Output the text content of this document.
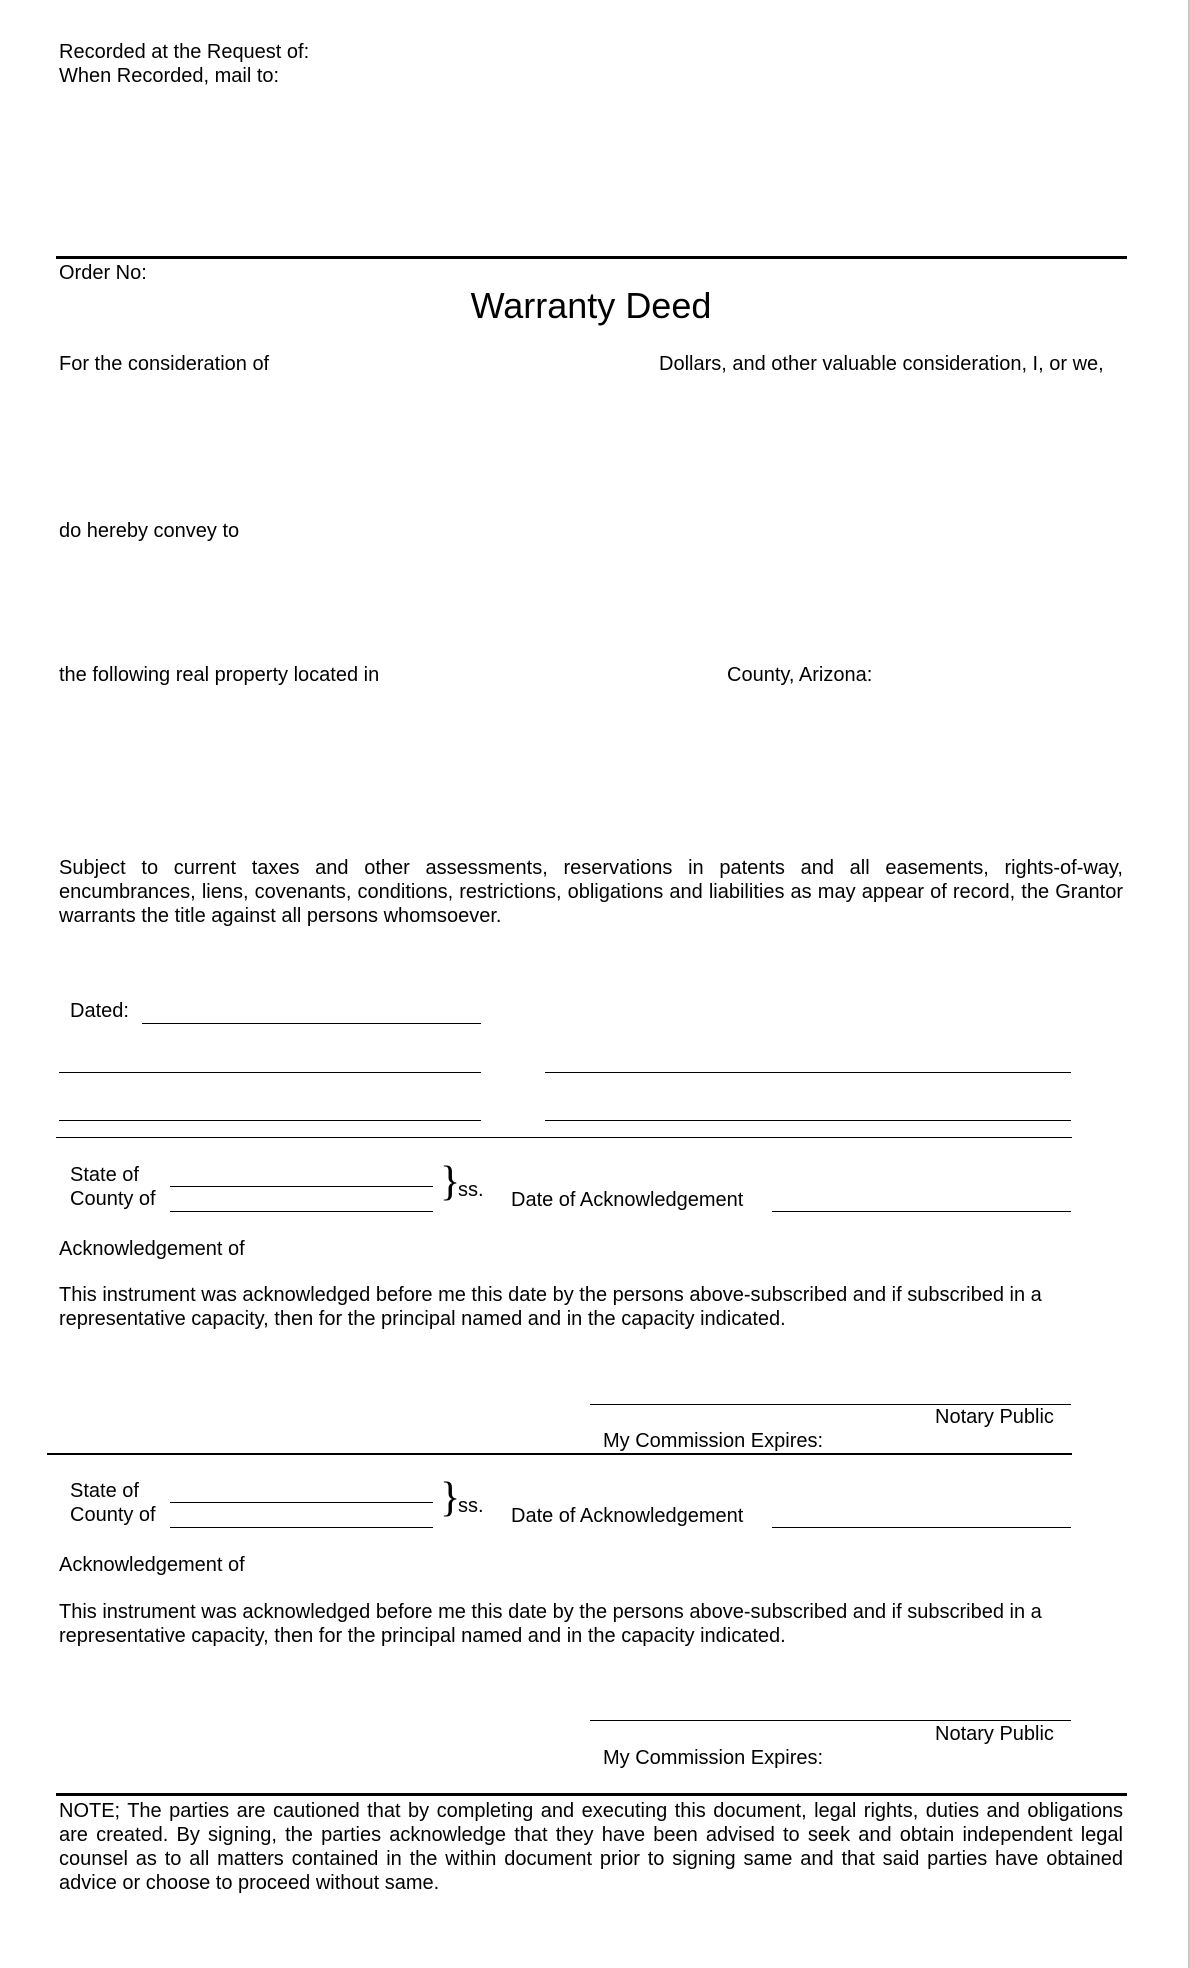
Recorded at the Request of:
When Recorded, mail to:
Order No:
Warranty Deed
For the consideration of	Dollars, and other valuable consideration, I, or we,
do hereby convey to
the following real property located in	County, Arizona:
Subject to current taxes and other assessments, reservations in patents and all easements, rights-of-way, encumbrances, liens, covenants, conditions, restrictions, obligations and liabilities as may appear of record, the Grantor warrants the title against all persons whomsoever.
Dated:
State of
County of	}
ss. Date of Acknowledgement
Acknowledgement of
This instrument was acknowledged before me this date by the persons above-subscribed and if subscribed in a representative capacity, then for the principal named and in the capacity indicated.
Notary Public
My Commission Expires:
State of
County of	}
ss. Date of Acknowledgement
Acknowledgement of
This instrument was acknowledged before me this date by the persons above-subscribed and if subscribed in a representative capacity, then for the principal named and in the capacity indicated.
Notary Public
My Commission Expires:
NOTE; The parties are cautioned that by completing and executing this document, legal rights, duties and obligations are created. By signing, the parties acknowledge that they have been advised to seek and obtain independent legal counsel as to all matters contained in the within document prior to signing same and that said parties have obtained advice or choose to proceed without same.
